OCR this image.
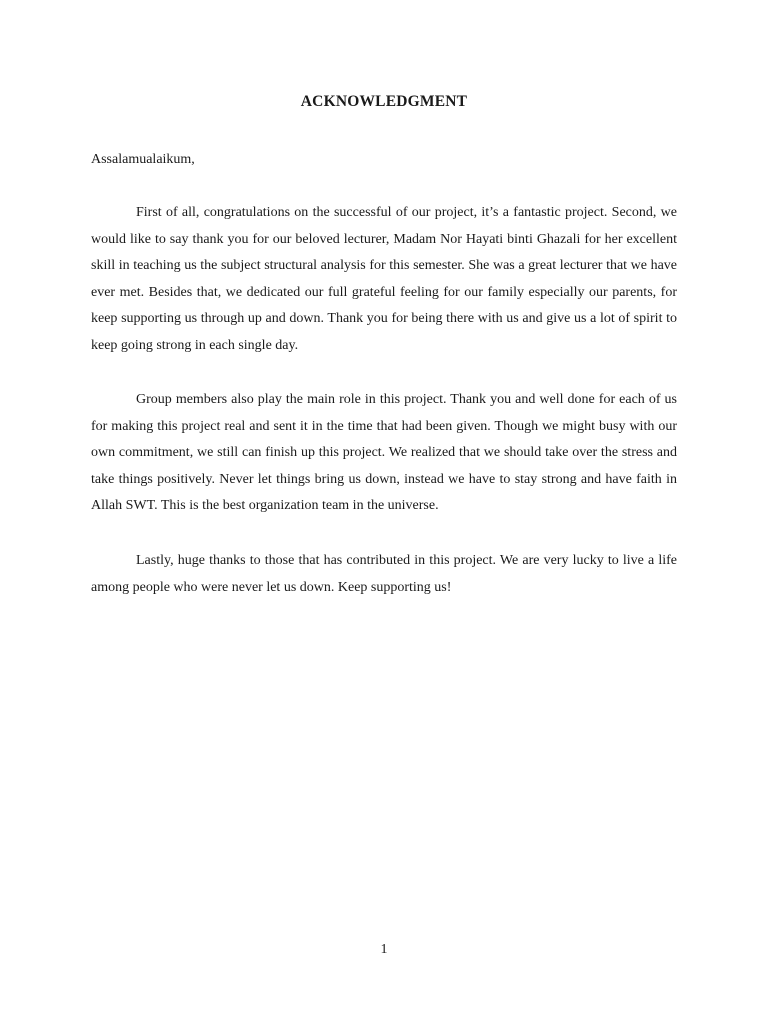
ACKNOWLEDGMENT

Assalamualaikum,

First of all, congratulations on the successful of our project, it’s a fantastic project. Second, we would like to say thank you for our beloved lecturer, Madam Nor Hayati binti Ghazali for her excellent skill in teaching us the subject structural analysis for this semester. She was a great lecturer that we have ever met. Besides that, we dedicated our full grateful feeling for our family especially our parents, for keep supporting us through up and down. Thank you for being there with us and give us a lot of spirit to keep going strong in each single day.

Group members also play the main role in this project. Thank you and well done for each of us for making this project real and sent it in the time that had been given. Though we might busy with our own commitment, we still can finish up this project. We realized that we should take over the stress and take things positively. Never let things bring us down, instead we have to stay strong and have faith in Allah SWT. This is the best organization team in the universe.

Lastly, huge thanks to those that has contributed in this project. We are very lucky to live a life among people who were never let us down. Keep supporting us!

1
